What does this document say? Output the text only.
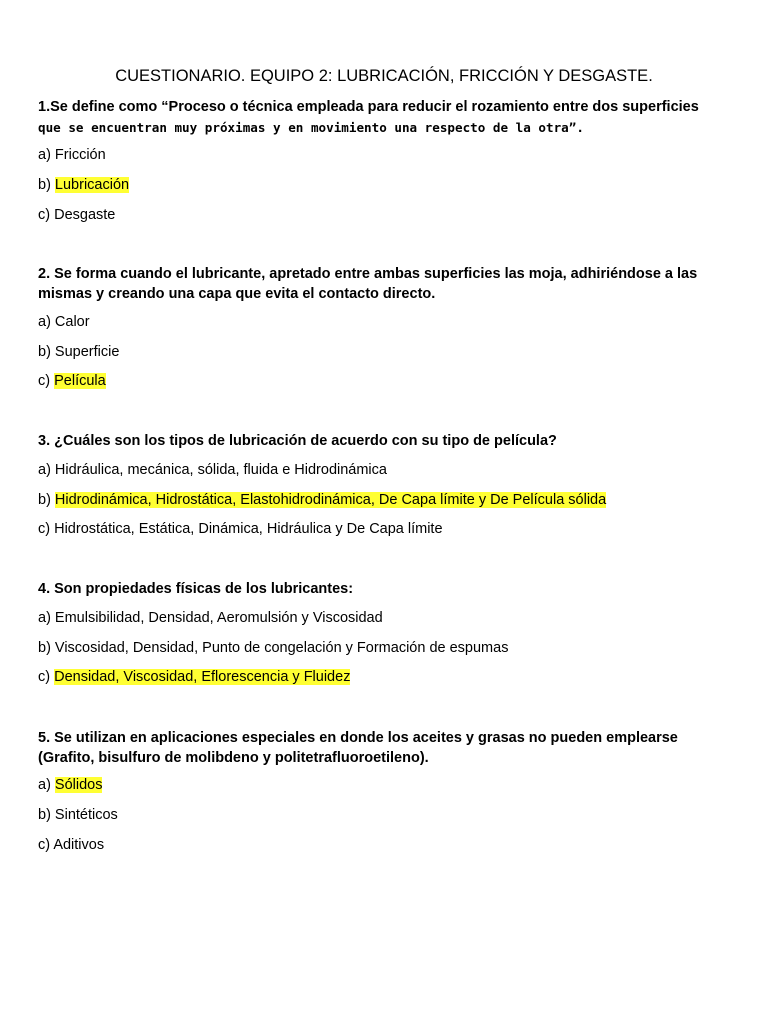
CUESTIONARIO. EQUIPO 2: LUBRICACIÓN, FRICCIÓN Y DESGASTE.
1.Se define como “Proceso o técnica empleada para reducir el rozamiento entre dos superficies
que se encuentran muy próximas y en movimiento una respecto de la otra”.
a) Fricción
b) Lubricación
c) Desgaste
2. Se forma cuando el lubricante, apretado entre ambas superficies las moja, adhiriéndose a las
mismas y creando una capa que evita el contacto directo.
a) Calor
b) Superficie
c) Película
3. ¿Cuáles son los tipos de lubricación de acuerdo con su tipo de película?
a) Hidráulica, mecánica, sólida, fluida e Hidrodinámica
b) Hidrodinámica, Hidrostática, Elastohidrodinámica, De Capa límite y De Película sólida
c) Hidrostática, Estática, Dinámica, Hidráulica y De Capa límite
4. Son propiedades físicas de los lubricantes:
a) Emulsibilidad, Densidad, Aeromulsión y Viscosidad
b) Viscosidad, Densidad, Punto de congelación y Formación de espumas
c) Densidad, Viscosidad, Eflorescencia y Fluidez
5. Se utilizan en aplicaciones especiales en donde los aceites y grasas no pueden emplearse
(Grafito, bisulfuro de molibdeno y politetrafluoroetileno).
a) Sólidos
b) Sintéticos
c) Aditivos
